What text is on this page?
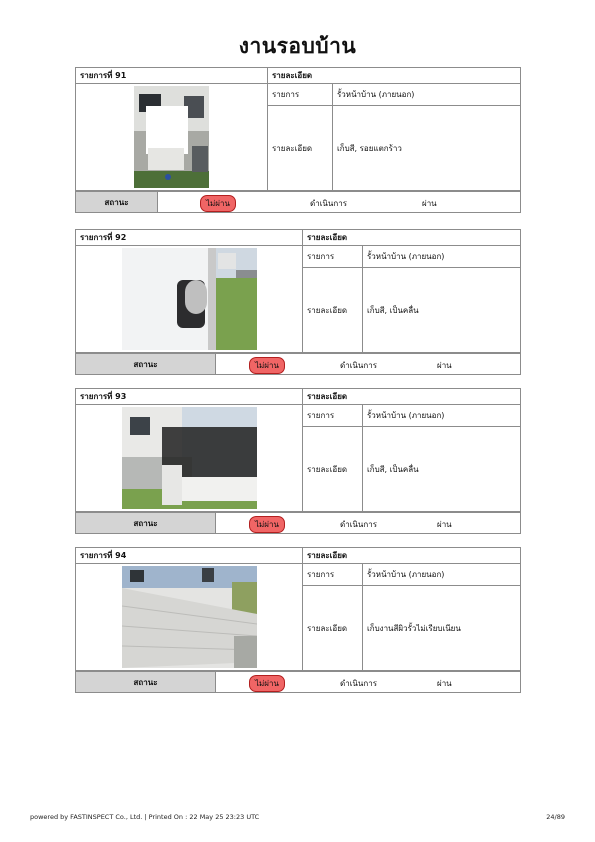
งานรอบบ้าน
รายการที่ 91	รายละเอียด	

	รายการ	รั้วหน้าบ้าน (ภายนอก)
	รายละเอียด	เก็บสี, รอยแตกร้าว
สถานะ	ไม่ผ่าน	ดำเนินการ	ผ่าน
รายการที่ 92	รายละเอียด	

	รายการ	รั้วหน้าบ้าน (ภายนอก)
	รายละเอียด	เก็บสี, เป็นคลื่น
สถานะ	ไม่ผ่าน	ดำเนินการ	ผ่าน
รายการที่ 93	รายละเอียด	

	รายการ	รั้วหน้าบ้าน (ภายนอก)
	รายละเอียด	เก็บสี, เป็นคลื่น
สถานะ	ไม่ผ่าน	ดำเนินการ	ผ่าน
รายการที่ 94	รายละเอียด	

	รายการ	รั้วหน้าบ้าน (ภายนอก)
	รายละเอียด	เก็บงานสีผิวรั้วไม่เรียบเนียน
สถานะ	ไม่ผ่าน	ดำเนินการ	ผ่าน
powered by FASTINSPECT Co., Ltd. | Printed On : 22 May 25 23:23 UTC	24/89
